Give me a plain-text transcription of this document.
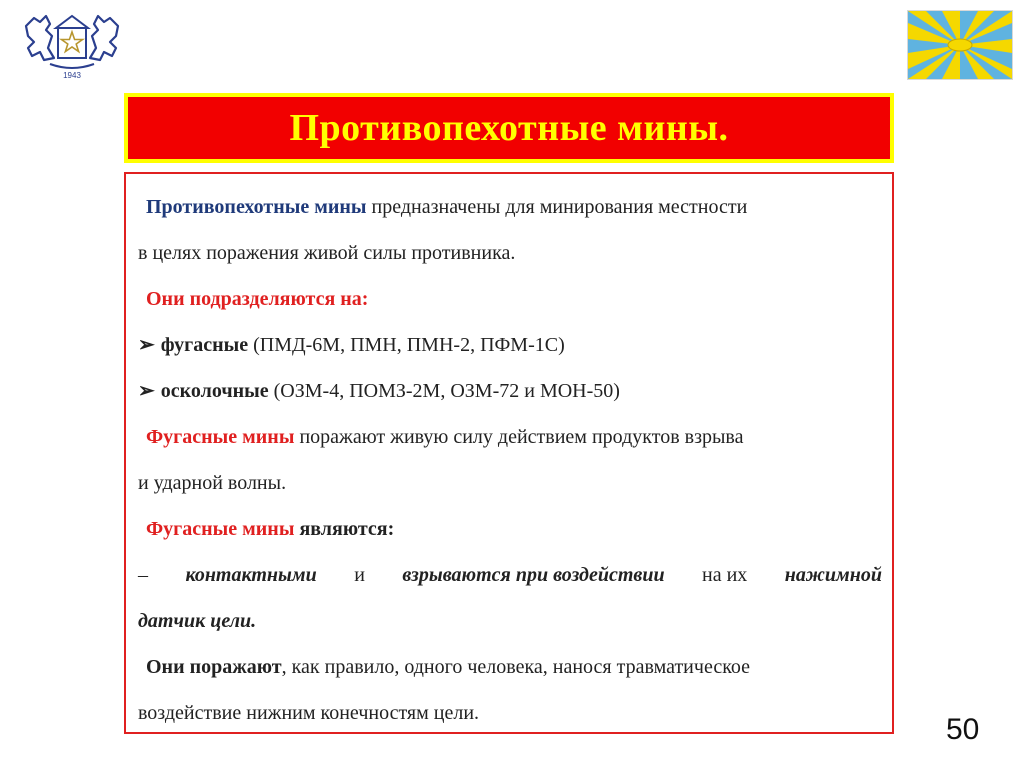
1943
Противопехотные мины.

Противопехотные мины предназначены для минирования местности

в целях поражения живой силы противника.

Они подразделяются на:

➢ фугасные (ПМД-6М, ПМН, ПМН-2, ПФМ-1С)

➢ осколочные (ОЗМ-4, ПОМЗ-2М, ОЗМ-72 и МОН-50)

Фугасные мины поражают живую силу действием продуктов взрыва

и ударной волны.

Фугасные мины являются:

– контактными и взрываются при воздействии на их нажимной

датчик цели.

Они поражают, как правило, одного человека, нанося травматическое

воздействие нижним конечностям цели.	50
